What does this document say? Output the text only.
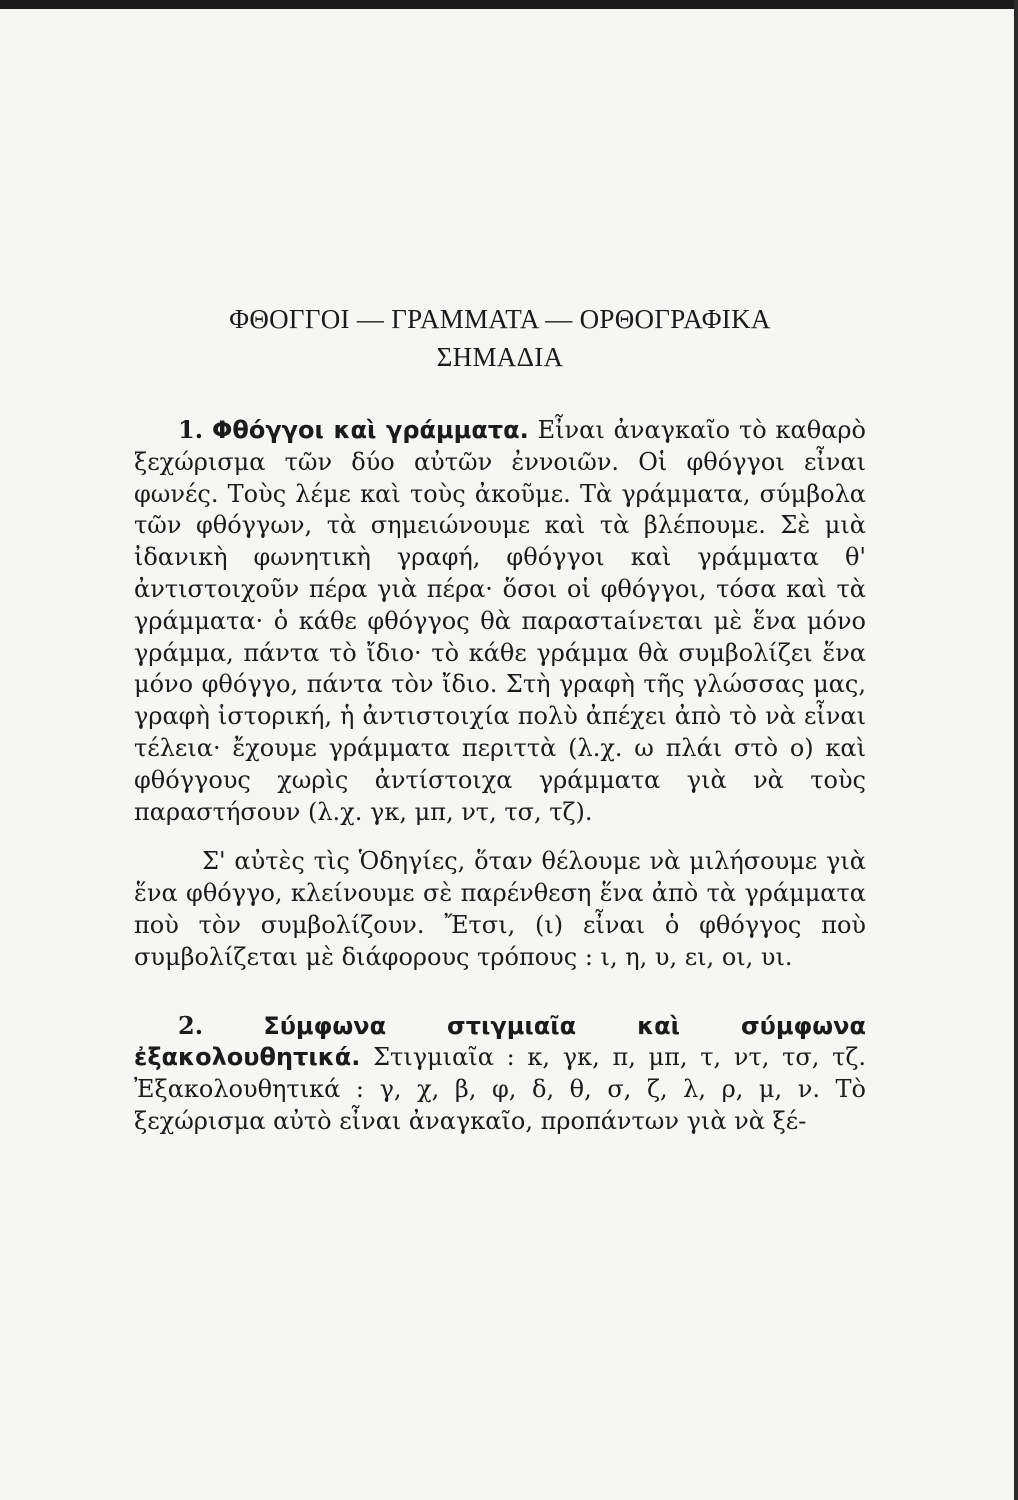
ΦΘΟΓΓΟΙ — ΓΡΑΜΜΑΤΑ — ΟΡΘΟΓΡΑΦΙΚΑ
ΣΗΜΑΔΙΑ

1. Φθόγγοι καὶ γράμματα. Εἶναι ἀναγκαῖο τὸ καθαρὸ ξεχώρισμα τῶν δύο αὐτῶν ἐννοιῶν. Οἱ φθόγγοι εἶναι φωνές. Τοὺς λέμε καὶ τοὺς ἀκοῦμε. Τὰ γράμματα, σύμβολα τῶν φθόγγων, τὰ σημειώνουμε καὶ τὰ βλέπουμε. Σὲ μιὰ ἰδανικὴ φωνητικὴ γραφή, φθόγγοι καὶ γράμματα θ' ἀντιστοιχοῦν πέρα γιὰ πέρα· ὅσοι οἱ φθόγγοι, τόσα καὶ τὰ γράμματα· ὁ κάθε φθόγγος θὰ παραστaίνεται μὲ ἕνα μόνο γράμμα, πάντα τὸ ἴδιο· τὸ κάθε γράμμα θὰ συμβολίζει ἕνα μόνο φθόγγο, πάντα τὸν ἴδιο. Στὴ γραφὴ τῆς γλώσσας μας, γραφὴ ἱστορική, ἡ ἀντιστοιχία πολὺ ἀπέχει ἀπὸ τὸ νὰ εἶναι τέλεια· ἔχουμε γράμματα περιττὰ (λ.χ. ω πλάι στὸ ο) καὶ φθόγγους χωρὶς ἀντίστοιχα γράμματα γιὰ νὰ τοὺς παραστήσουν (λ.χ. γκ, μπ, ντ, τσ, τζ).

Σ' αὐτὲς τὶς Ὁδηγίες, ὅταν θέλουμε νὰ μιλήσουμε γιὰ ἕνα φθόγγο, κλείνουμε σὲ παρένθεση ἕνα ἀπὸ τὰ γράμματα ποὺ τὸν συμβολίζουν. Ἔτσι, (ι) εἶναι ὁ φθόγγος ποὺ συμβολίζεται μὲ διάφορους τρόπους : ι, η, υ, ει, οι, υι.

2.	Σύμφωνα στιγμιαῖα καὶ σύμφωνα ἐξακολουθητικά. Στιγμιαῖα : κ, γκ, π, μπ, τ, ντ, τσ, τζ. Ἐξακολουθητικά : γ, χ, β, φ, δ, θ, σ, ζ, λ, ρ, μ, ν. Τὸ ξεχώρισμα αὐτὸ εἶναι ἀναγκαῖο, προπάντων γιὰ νὰ ξέ-
